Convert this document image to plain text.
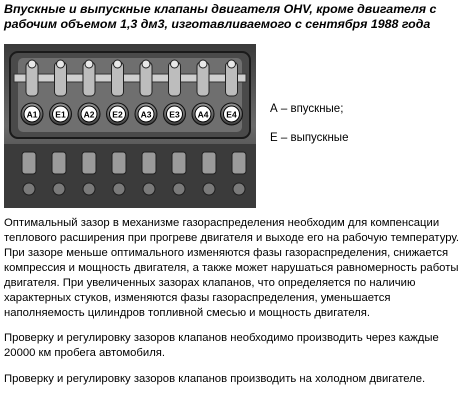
Впускные и выпускные клапаны двигателя OHV, кроме двигателя с рабочим объемом 1,3 дм3, изготавливаемого с сентября 1988 года
A1 E1 A2 E2 A3 E3 A4 E4	А – впускные;
Е – выпускные

Оптимальный зазор в механизме газораспределения необходим для компенсации теплового расширения при прогреве двигателя и выходе его на рабочую температуру. При зазоре меньше оптимального изменяются фазы газораспределения, снижается компрессия и мощность двигателя, а также может нарушаться равномерность работы двигателя. При увеличенных зазорах клапанов, что определяется по наличию характерных стуков, изменяются фазы газораспределения, уменьшается наполняемость цилиндров топливной смесью и мощность двигателя.

Проверку и регулировку зазоров клапанов необходимо производить через каждые 20000 км пробега автомобиля.

Проверку и регулировку зазоров клапанов производить на холодном двигателе.
